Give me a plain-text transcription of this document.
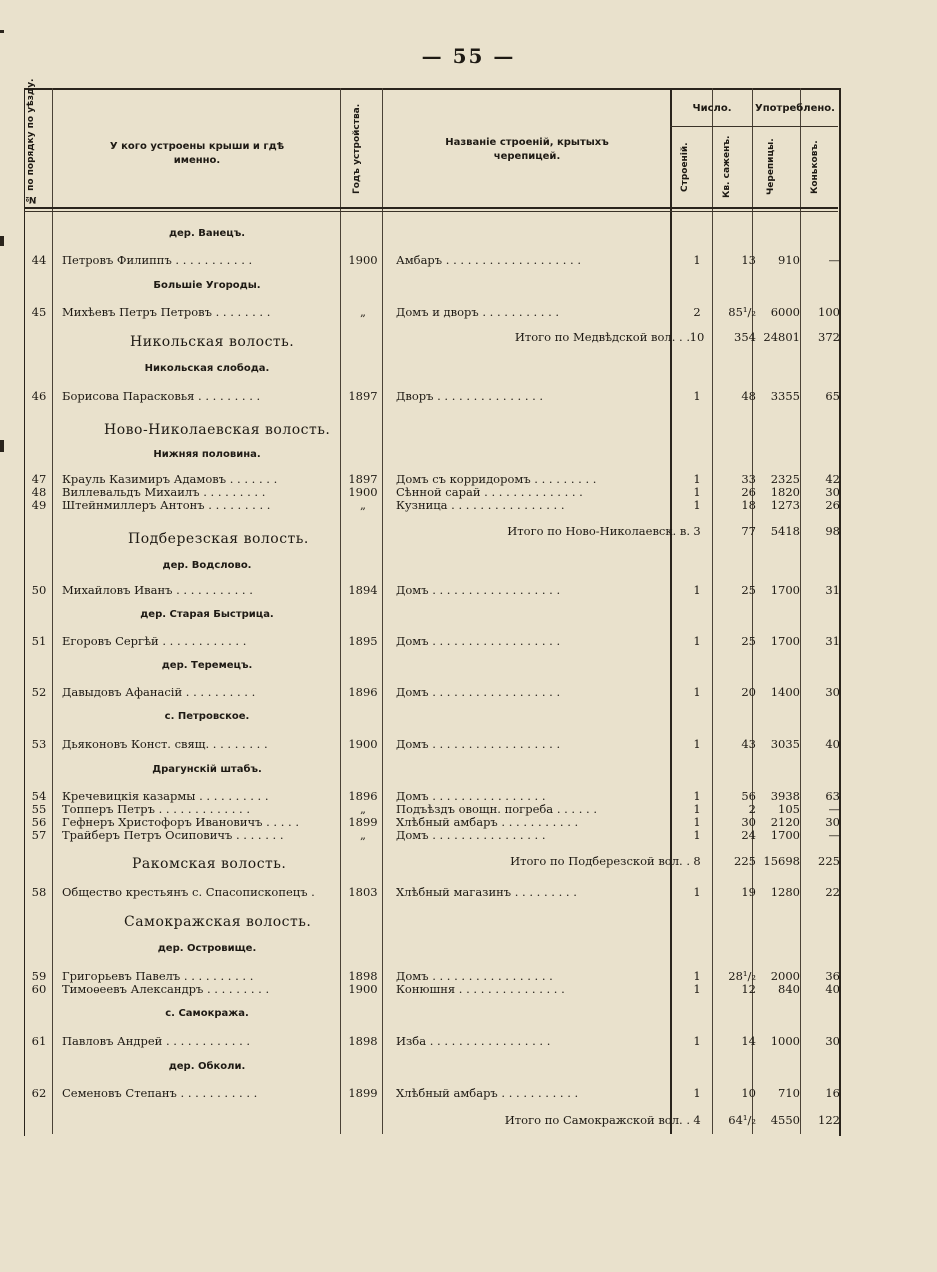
— 55 —
№ по порядку по уѣзду.	У кого устроены крыши и гдѣ
именно.	Годъ устройства.	Названіе строеній, крытыхъ
черепицей.
Число.	Употреблено.
Строеній.	Кв. саженъ.	Черепицы.	Коньковъ.
дер. Ванецъ.
44	Петровъ Филиппъ . . . . . . . . . . .	1900	Амбаръ . . . . . . . . . . . . . . . . . . .	1	13	910	—
Большіе Угороды.
45	Михѣевъ Петръ Петровъ . . . . . . . .	„	Домъ и дворъ . . . . . . . . . . .	2	85¹/₂	6000	100
Никольская волость.	Итого по Медвѣдской вол. . . 10	354 24801	372
Никольская слобода.
46	Борисова Парасковья . . . . . . . . .	1897	Дворъ . . . . . . . . . . . . . . .	1	48	3355	65
Ново-Николаевская волость.
Нижняя половина.
47	Крауль Казимиръ Адамовъ . . . . . . .	1897	Домъ съ корридоромъ . . . . . . . . .	1	33	2325	42
48	Виллевальдъ Михаилъ . . . . . . . . .	1900	Сѣнной сарай . . . . . . . . . . . . . .	1	26	1820	30
49	Штейнмиллеръ Антонъ . . . . . . . . .	„	Кузница . . . . . . . . . . . . . . . .	1	18	1273	26
Подберезская волость.	Итого по Ново-Николаевск. в. 3	77	5418	98
дер. Водслово.
50	Михайловъ Иванъ . . . . . . . . . . .	1894	Домъ . . . . . . . . . . . . . . . . . .	1	25	1700	31
дер. Старая Быстрица.
51	Егоровъ Сергѣй . . . . . . . . . . . .	1895	Домъ . . . . . . . . . . . . . . . . . .	1	25	1700	31
дер. Теремецъ.
52	Давыдовъ Афанасій . . . . . . . . . .	1896	Домъ . . . . . . . . . . . . . . . . . .	1	20	1400	30
с. Петровское.
53	Дьяконовъ Конст. свящ. . . . . . . . .	1900	Домъ . . . . . . . . . . . . . . . . . .	1	43	3035	40
Драгунскій штабъ.
54	Кречевицкія казармы . . . . . . . . . .	1896	Домъ . . . . . . . . . . . . . . . .	1	56	3938	63
55	Топперъ Петръ . . . . . . . . . . . . .	„	Подъѣздъ овощн. погреба . . . . . .	1	2	105	—
56	Гефнеръ Христофоръ Ивановичъ . . . . .	1899	Хлѣбный амбаръ . . . . . . . . . . .	1	30	2120	30
57	Трайберъ Петръ Осиповичъ . . . . . . .	„	Домъ . . . . . . . . . . . . . . . .	1	24	1700	—
Ракомская волость.	Итого по Подберезской вол. . 8	225 15698	225
58	Общество крестьянъ с. Спасопископецъ .	1803	Хлѣбный магазинъ . . . . . . . . .	1	19	1280	22
Самокражская волость.
дер. Островище.
59	Григорьевъ Павелъ . . . . . . . . . .	1898	Домъ . . . . . . . . . . . . . . . . .	1	28¹/₂	2000	36
60	Тимоѳеевъ Александръ . . . . . . . . .	1900	Конюшня . . . . . . . . . . . . . . .	1	12	840	40
с. Самокража.
61	Павловъ Андрей . . . . . . . . . . . .	1898	Изба . . . . . . . . . . . . . . . . .	1	14	1000	30
дер. Обколи.
62	Семеновъ Степанъ . . . . . . . . . . .	1899	Хлѣбный амбаръ . . . . . . . . . . .	1	10	710	16
Итого по Самокражской вол. . 4	64¹/₂	4550	122
